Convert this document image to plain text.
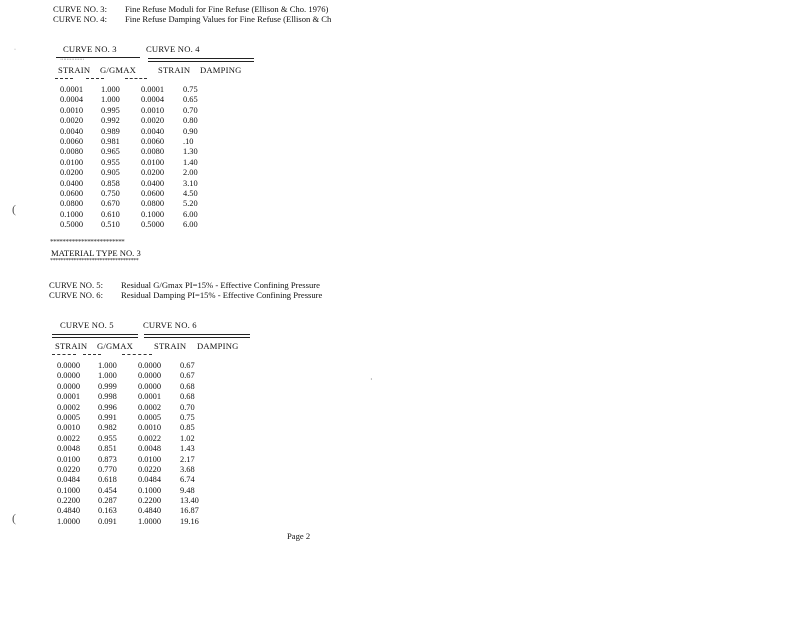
CURVE NO. 3: Fine Refuse Moduli for Fine Refuse (Ellison & Cho. 1976)
CURVE NO. 4: Fine Refuse Damping Values for Fine Refuse (Ellison & Ch
CURVE NO. 3	CURVE NO. 4
···············
STRAIN G/GMAX	STRAIN DAMPING
0.0001 1.000	0.0001 0.75
0.0004 1.000	0.0004 0.65
0.0010 0.995	0.0010 0.70
0.0020 0.992	0.0020 0.80
0.0040 0.989	0.0040 0.90
0.0060 0.981	0.0060 .10
0.0080 0.965	0.0080 1.30
0.0100 0.955	0.0100 1.40
0.0200 0.905	0.0200 2.00
0.0400 0.858	0.0400 3.10
0.0600 0.750	0.0600 4.50
0.0800 0.670	0.0800 5.20
0.1000 0.610	0.1000 6.00
0.5000 0.510	0.5000 6.00
************************
MATERIAL TYPE NO. 3
**********************************
CURVE NO. 5: Residual G/Gmax PI=15% - Effective Confining Pressure
CURVE NO. 6: Residual Damping PI=15% - Effective Confining Pressure
CURVE NO. 5	CURVE NO. 6
STRAIN G/GMAX STRAIN DAMPING
0.0000 1.000	0.0000 0.67
0.0000 1.000	0.0000 0.67
0.0000 0.999	0.0000 0.68
0.0001 0.998	0.0001 0.68
0.0002 0.996	0.0002 0.70
0.0005 0.991	0.0005 0.75
0.0010 0.982	0.0010 0.85
0.0022 0.955	0.0022 1.02
0.0048 0.851	0.0048 1.43
0.0100 0.873	0.0100 2.17
0.0220 0.770	0.0220 3.68
0.0484 0.618	0.0484 6.74
0.1000 0.454	0.1000 9.48
0.2200 0.287	0.2200 13.40
0.4840 0.163	0.4840 16.87
1.0000 0.091	1.0000 19.16
Page 2
(
(
·
·
